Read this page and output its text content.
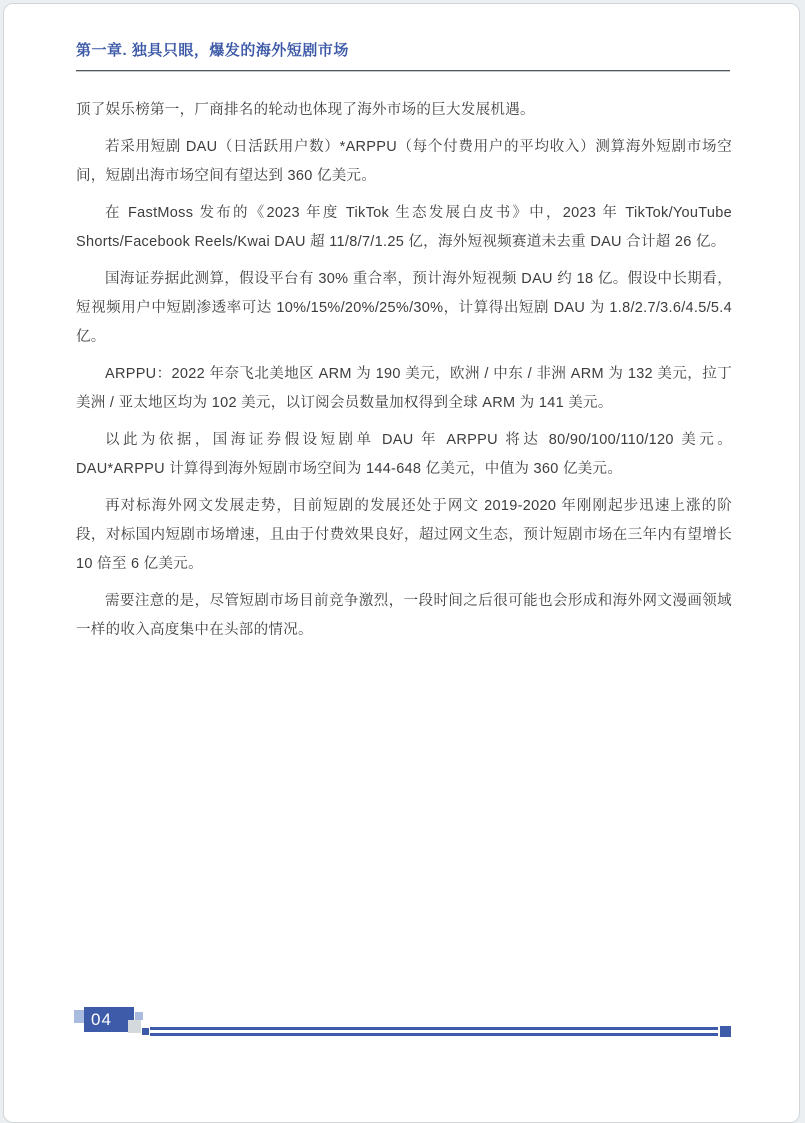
第一章. 独具只眼，爆发的海外短剧市场

顶了娱乐榜第一，厂商排名的轮动也体现了海外市场的巨大发展机遇。

若采用短剧 DAU（日活跃用户数）*ARPPU（每个付费用户的平均收入）测算海外短剧市场空间，短剧出海市场空间有望达到 360 亿美元。

在 FastMoss 发布的《2023 年度 TikTok 生态发展白皮书》中，2023 年 TikTok/YouTube Shorts/Facebook Reels/Kwai DAU 超 11/8/7/1.25 亿，海外短视频赛道未去重 DAU 合计超 26 亿。

国海证券据此测算，假设平台有 30% 重合率，预计海外短视频 DAU 约 18 亿。假设中长期看，短视频用户中短剧渗透率可达 10%/15%/20%/25%/30%，计算得出短剧 DAU 为 1.8/2.7/3.6/4.5/5.4 亿。

ARPPU：2022 年奈飞北美地区 ARM 为 190 美元，欧洲 / 中东 / 非洲 ARM 为 132 美元，拉丁美洲 / 亚太地区均为 102 美元，以订阅会员数量加权得到全球 ARM 为 141 美元。

以此为依据，国海证券假设短剧单 DAU 年 ARPPU 将达 80/90/100/110/120 美元。 DAU*ARPPU 计算得到海外短剧市场空间为 144-648 亿美元，中值为 360 亿美元。

再对标海外网文发展走势，目前短剧的发展还处于网文 2019-2020 年刚刚起步迅速上涨的阶段，对标国内短剧市场增速，且由于付费效果良好，超过网文生态，预计短剧市场在三年内有望增长 10 倍至 6 亿美元。

需要注意的是，尽管短剧市场目前竞争激烈，一段时间之后很可能也会形成和海外网文漫画领域一样的收入高度集中在头部的情况。

04
